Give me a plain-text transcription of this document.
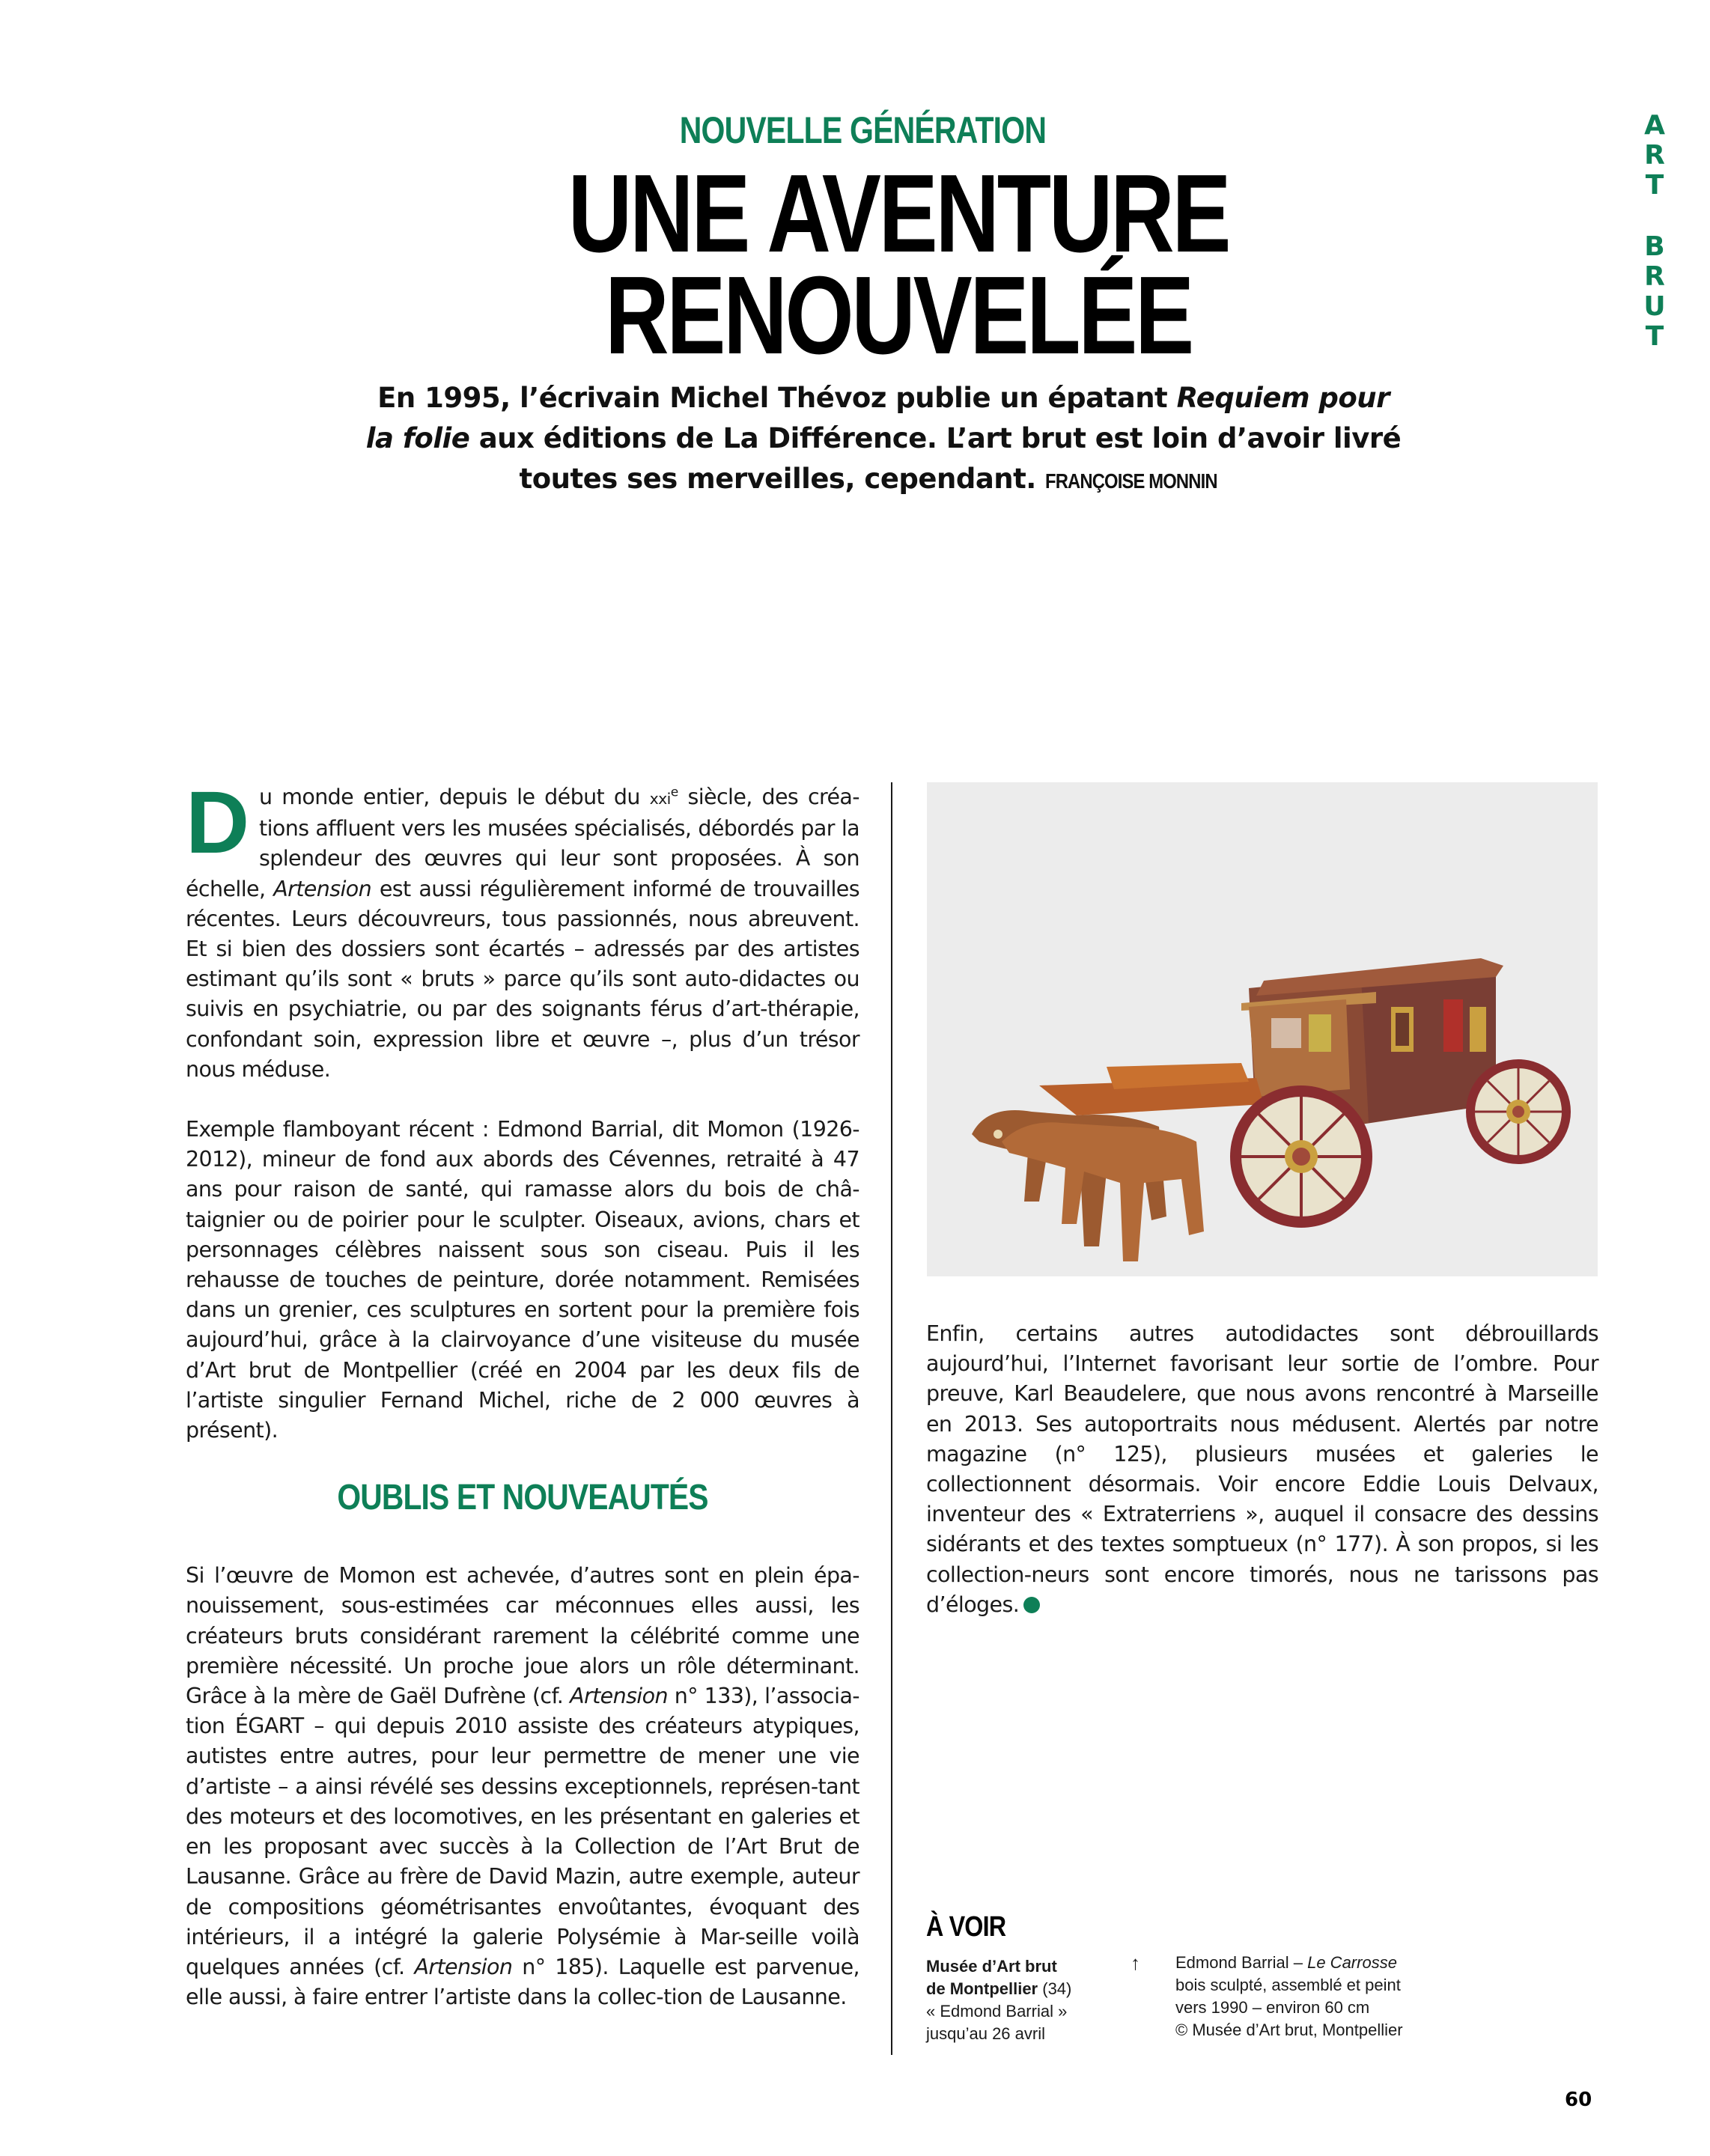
NOUVELLE GÉNÉRATION
UNE AVENTURE
RENOUVELÉE
En 1995, l’écrivain Michel Thévoz publie un épatant Requiem pour la folie aux éditions de La Différence. L’art brut est loin d’avoir livré toutes ses merveilles, cependant. FRANÇOISE MONNIN
A
R
T
B
R
U
T

Du monde entier, depuis le début du xxi$^e$ siècle, des créa-tions affluent vers les musées spécialisés, débordés par la splendeur des œuvres qui leur sont proposées. À son échelle, Artension est aussi régulièrement informé de trouvailles récentes. Leurs découvreurs, tous passionnés, nous abreuvent. Et si bien des dossiers sont écartés – adressés par des artistes estimant qu’ils sont « bruts » parce qu’ils sont auto-didactes ou suivis en psychiatrie, ou par des soignants férus d’art-thérapie, confondant soin, expression libre et œuvre –, plus d’un trésor nous méduse.

Exemple flamboyant récent : Edmond Barrial, dit Momon (1926-2012), mineur de fond aux abords des Cévennes, retraité à 47 ans pour raison de santé, qui ramasse alors du bois de châ-taignier ou de poirier pour le sculpter. Oiseaux, avions, chars et personnages célèbres naissent sous son ciseau. Puis il les rehausse de touches de peinture, dorée notamment. Remisées dans un grenier, ces sculptures en sortent pour la première fois aujourd’hui, grâce à la clairvoyance d’une visiteuse du musée d’Art brut de Montpellier (créé en 2004 par les deux fils de l’artiste singulier Fernand Michel, riche de 2 000 œuvres à présent).

OUBLIS ET NOUVEAUTÉS

Si l’œuvre de Momon est achevée, d’autres sont en plein épa-nouissement, sous-estimées car méconnues elles aussi, les créateurs bruts considérant rarement la célébrité comme une première nécessité. Un proche joue alors un rôle déterminant. Grâce à la mère de Gaël Dufrène (cf. Artension n° 133), l’associa-tion ÉGART – qui depuis 2010 assiste des créateurs atypiques, autistes entre autres, pour leur permettre de mener une vie d’artiste – a ainsi révélé ses dessins exceptionnels, représen-tant des moteurs et des locomotives, en les présentant en galeries et en les proposant avec succès à la Collection de l’Art Brut de Lausanne. Grâce au frère de David Mazin, autre exemple, auteur de compositions géométrisantes envoûtantes, évoquant des intérieurs, il a intégré la galerie Polysémie à Mar-seille voilà quelques années (cf. Artension n° 185). Laquelle est parvenue, elle aussi, à faire entrer l’artiste dans la collec-tion de Lausanne.

Enfin, certains autres autodidactes sont débrouillards aujourd’hui, l’Internet favorisant leur sortie de l’ombre. Pour preuve, Karl Beaudelere, que nous avons rencontré à Marseille en 2013. Ses autoportraits nous médusent. Alertés par notre magazine (n° 125), plusieurs musées et galeries le collectionnent désormais. Voir encore Eddie Louis Delvaux, inventeur des « Extraterriens », auquel il consacre des dessins sidérants et des textes somptueux (n° 177). À son propos, si les collection-neurs sont encore timorés, nous ne tarissons pas d’éloges.

À VOIR
Musée d’Art brut
de Montpellier (34)
« Edmond Barrial »
jusqu’au 26 avril
↑	Edmond Barrial – Le Carrosse
bois sculpté, assemblé et peint
vers 1990 – environ 60 cm
© Musée d’Art brut, Montpellier
60
